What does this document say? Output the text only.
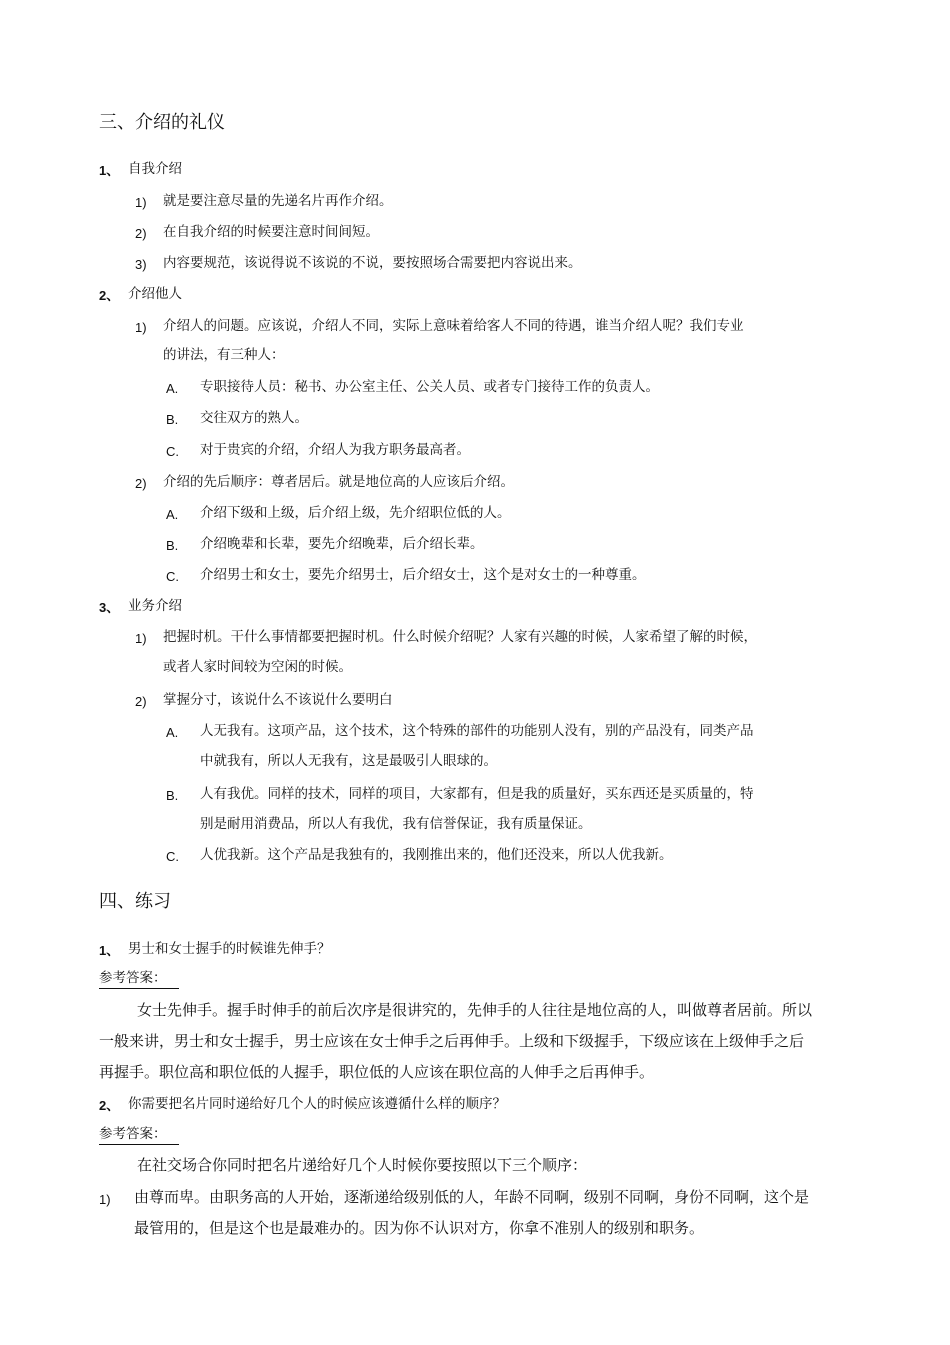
三、介绍的礼仪
1、 自我介绍
1) 就是要注意尽量的先递名片再作介绍。
2) 在自我介绍的时候要注意时间间短。
3) 内容要规范，该说得说不该说的不说，要按照场合需要把内容说出来。
2、 介绍他人
1) 介绍人的问题。应该说，介绍人不同，实际上意味着给客人不同的待遇，谁当介绍人呢？我们专业
的讲法，有三种人：
A. 专职接待人员：秘书、办公室主任、公关人员、或者专门接待工作的负责人。
B. 交往双方的熟人。
C. 对于贵宾的介绍，介绍人为我方职务最高者。
2) 介绍的先后顺序：尊者居后。就是地位高的人应该后介绍。
A. 介绍下级和上级，后介绍上级，先介绍职位低的人。
B. 介绍晚辈和长辈，要先介绍晚辈，后介绍长辈。
C. 介绍男士和女士，要先介绍男士，后介绍女士，这个是对女士的一种尊重。
3、 业务介绍
1) 把握时机。干什么事情都要把握时机。什么时候介绍呢？人家有兴趣的时候，人家希望了解的时候，
或者人家时间较为空闲的时候。
2) 掌握分寸，该说什么不该说什么要明白
A. 人无我有。这项产品，这个技术，这个特殊的部件的功能别人没有，别的产品没有，同类产品
中就我有，所以人无我有，这是最吸引人眼球的。
B. 人有我优。同样的技术，同样的项目，大家都有，但是我的质量好，买东西还是买质量的，特
别是耐用消费品，所以人有我优，我有信誉保证，我有质量保证。
C. 人优我新。这个产品是我独有的，我刚推出来的，他们还没来，所以人优我新。
四、练习
1、 男士和女士握手的时候谁先伸手？
参考答案：
女士先伸手。握手时伸手的前后次序是很讲究的，先伸手的人往往是地位高的人，叫做尊者居前。所以
一般来讲，男士和女士握手，男士应该在女士伸手之后再伸手。上级和下级握手，下级应该在上级伸手之后
再握手。职位高和职位低的人握手，职位低的人应该在职位高的人伸手之后再伸手。
2、 你需要把名片同时递给好几个人的时候应该遵循什么样的顺序？
参考答案：
在社交场合你同时把名片递给好几个人时候你要按照以下三个顺序：
1) 由尊而卑。由职务高的人开始，逐渐递给级别低的人，年龄不同啊，级别不同啊，身份不同啊，这个是
最管用的，但是这个也是最难办的。因为你不认识对方，你拿不准别人的级别和职务。
